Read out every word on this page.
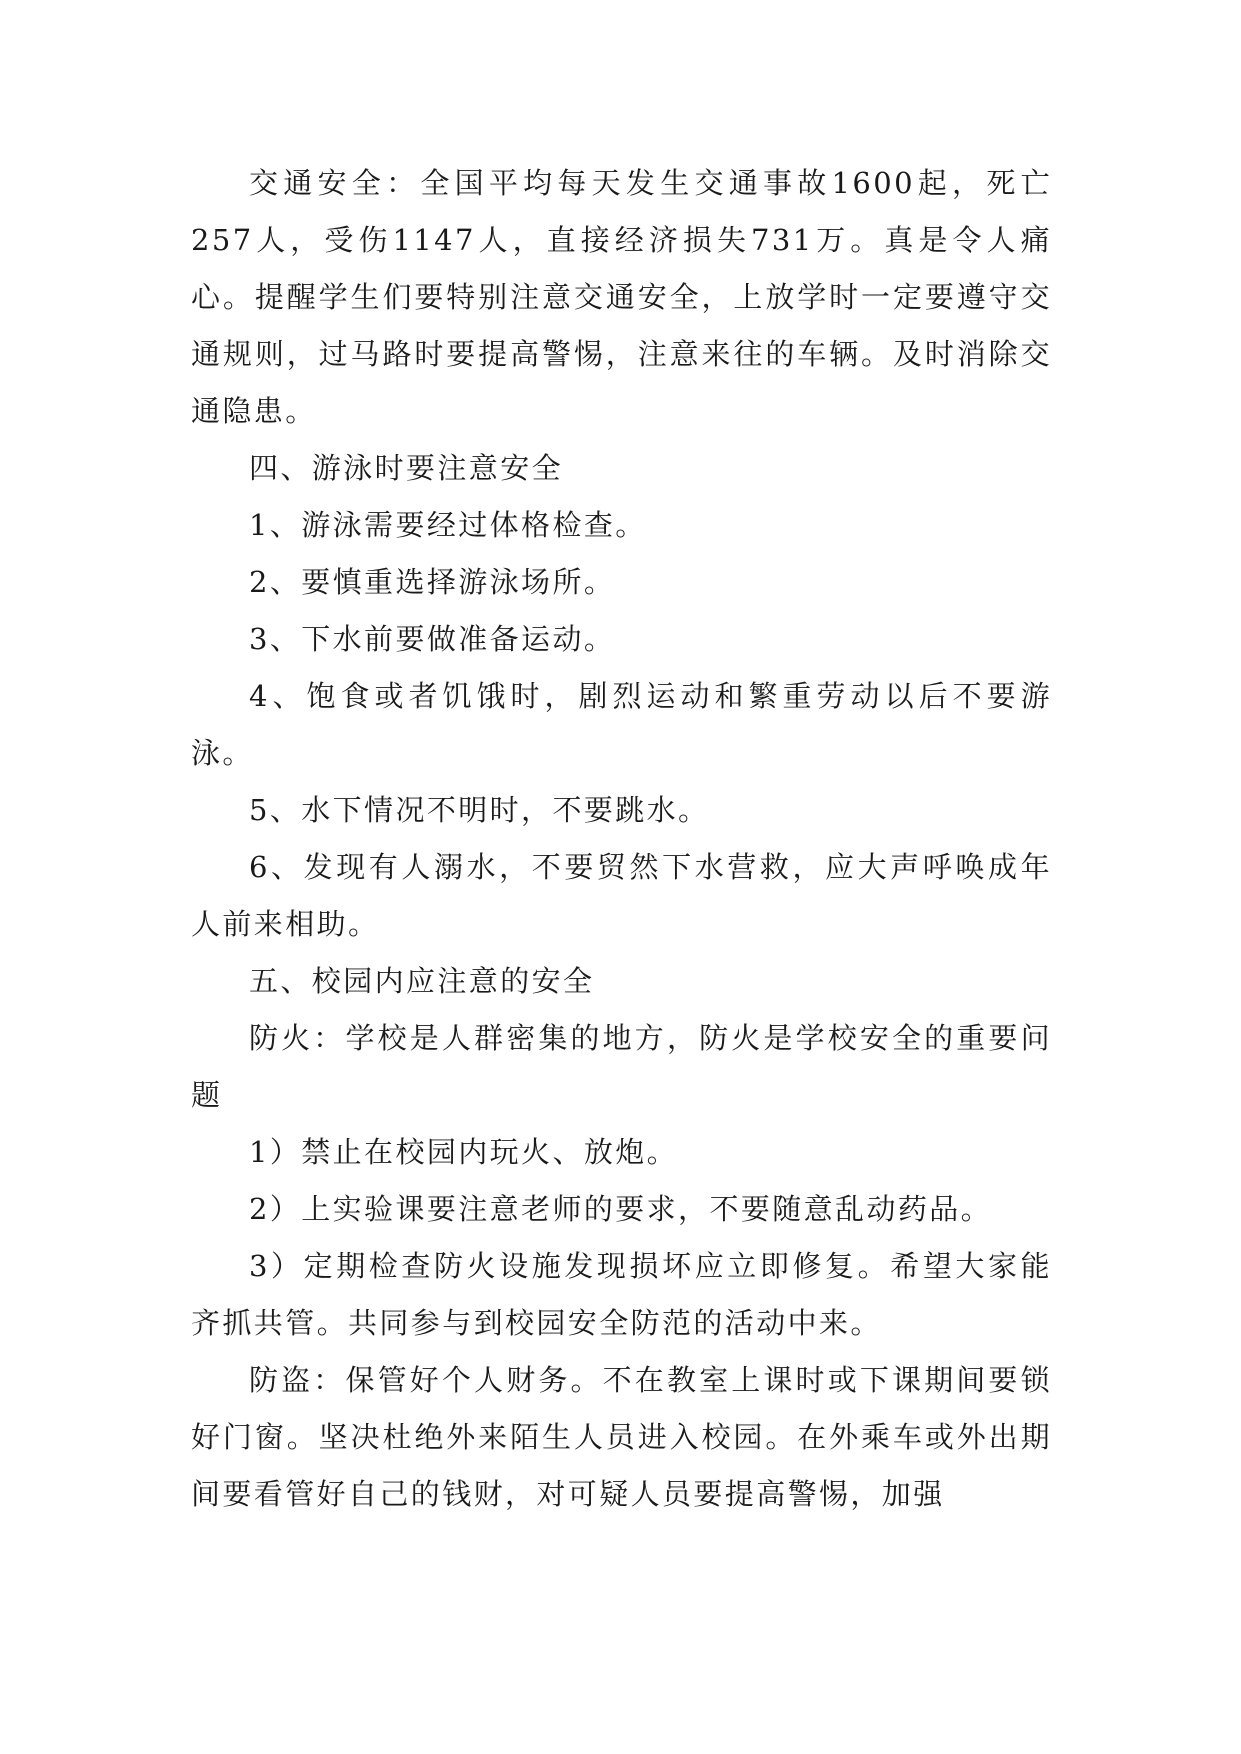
交通安全：全国平均每天发生交通事故1600起，死亡257人，受伤1147人，直接经济损失731万。真是令人痛心。提醒学生们要特别注意交通安全，上放学时一定要遵守交通规则，过马路时要提高警惕，注意来往的车辆。及时消除交通隐患。

四、游泳时要注意安全

1、游泳需要经过体格检查。

2、要慎重选择游泳场所。

3、下水前要做准备运动。

4、饱食或者饥饿时，剧烈运动和繁重劳动以后不要游泳。

5、水下情况不明时，不要跳水。

6、发现有人溺水，不要贸然下水营救，应大声呼唤成年人前来相助。

五、校园内应注意的安全

防火：学校是人群密集的地方，防火是学校安全的重要问题

1）禁止在校园内玩火、放炮。

2）上实验课要注意老师的要求，不要随意乱动药品。

3）定期检查防火设施发现损坏应立即修复。希望大家能齐抓共管。共同参与到校园安全防范的活动中来。

防盗：保管好个人财务。不在教室上课时或下课期间要锁好门窗。坚决杜绝外来陌生人员进入校园。在外乘车或外出期间要看管好自己的钱财，对可疑人员要提高警惕，加强
